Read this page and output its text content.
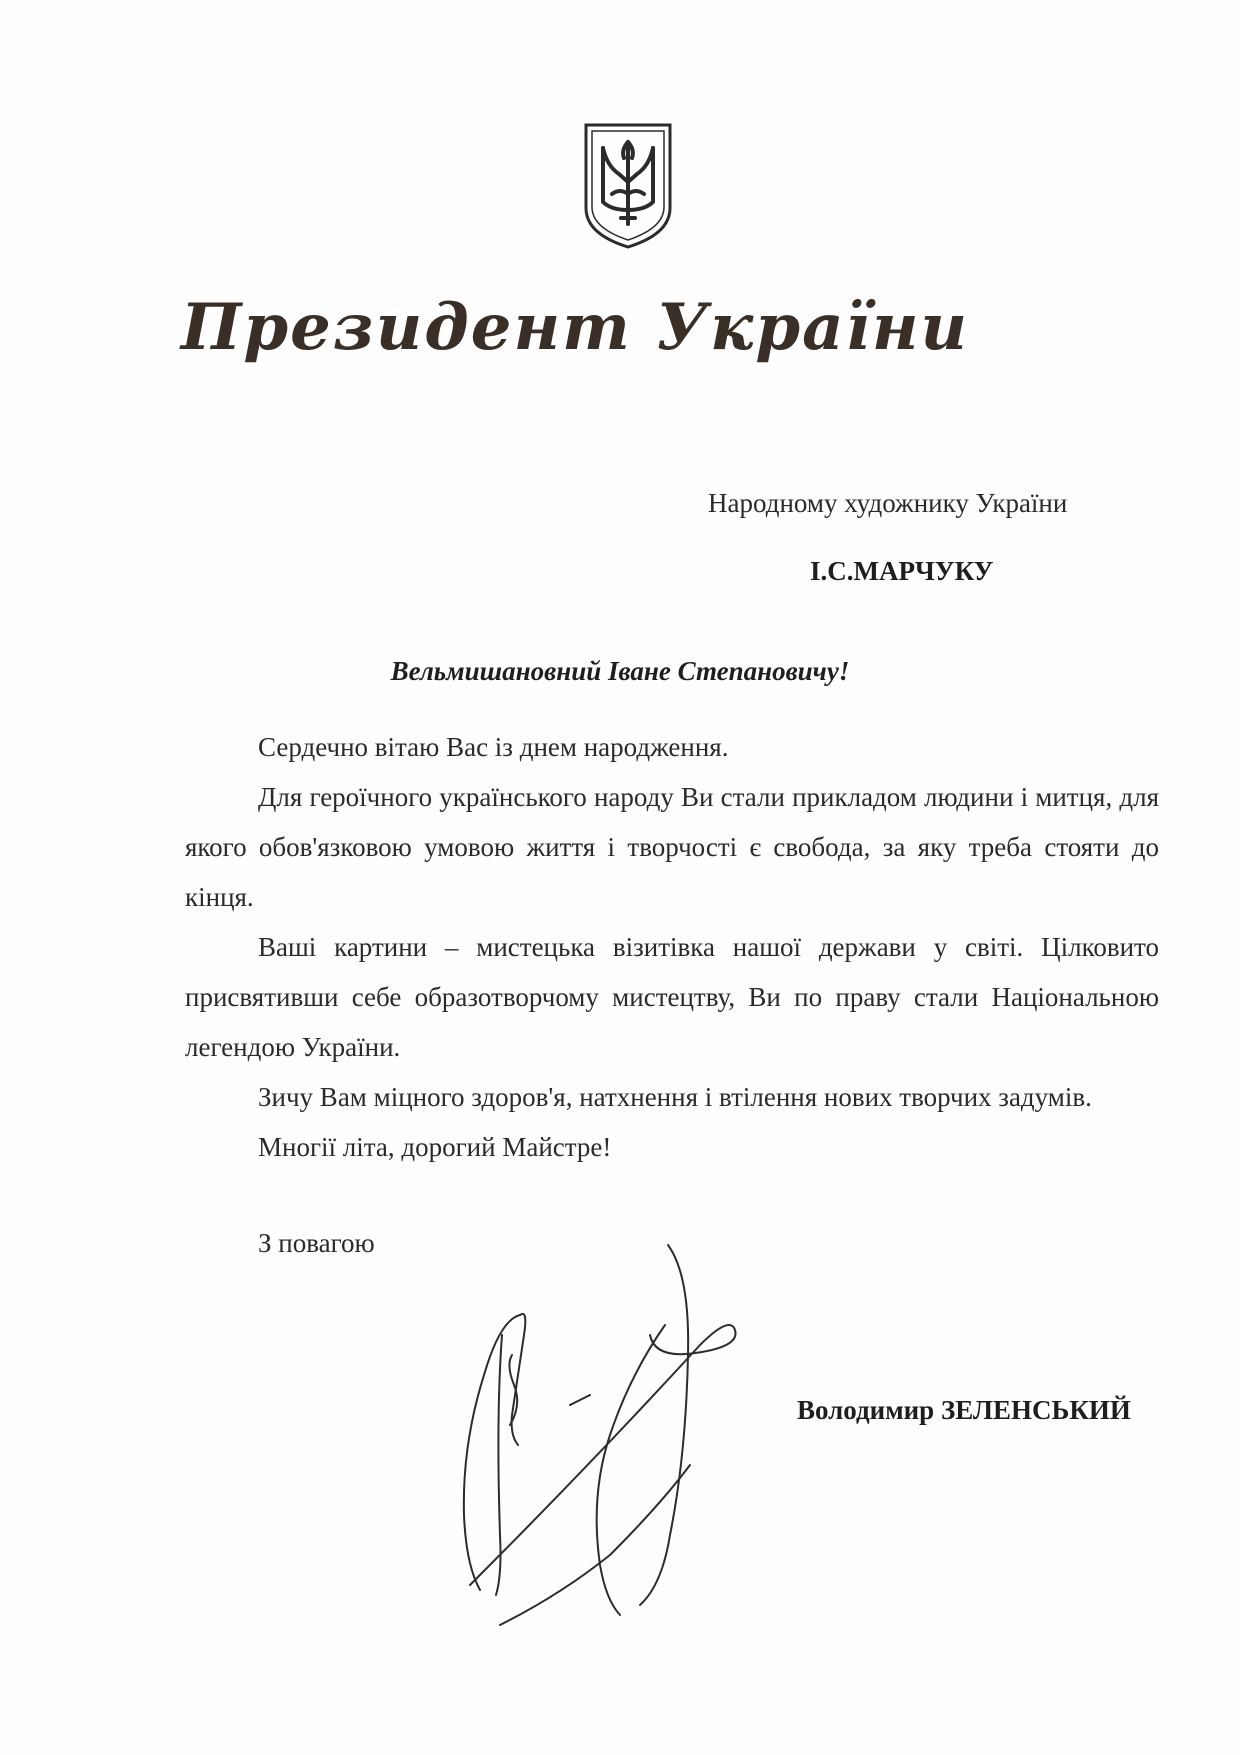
Президент України
Народному художнику України
І.С.МАРЧУКУ
Вельмишановний Іване Степановичу!

Сердечно вітаю Вас із днем народження.

Для героїчного українського народу Ви стали прикладом людини і митця, для якого обов'язковою умовою життя і творчості є свобода, за яку треба стояти до кінця.

Ваші картини – мистецька візитівка нашої держави у світі. Цілковито присвятивши себе образотворчому мистецтву, Ви по праву стали Національною легендою України.

Зичу Вам міцного здоров'я, натхнення і втілення нових творчих задумів.

Многії літа, дорогий Майстре!

З повагою
Володимир ЗЕЛЕНСЬКИЙ
